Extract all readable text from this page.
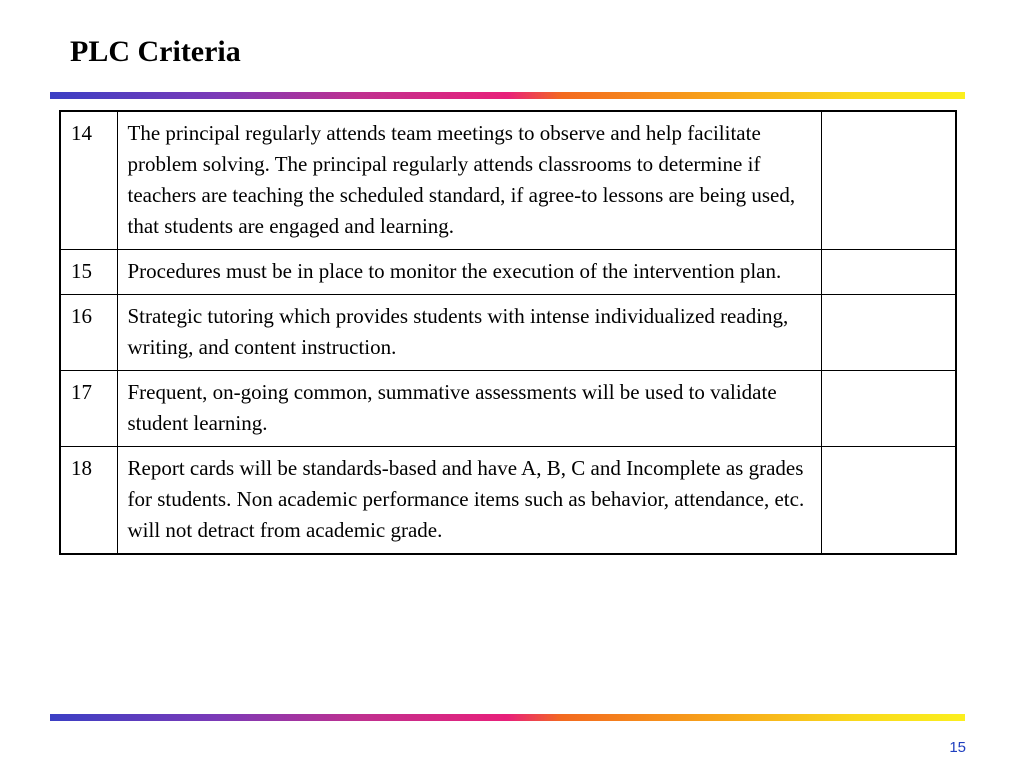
PLC Criteria
14	The principal regularly attends team meetings to observe and help facilitate problem solving. The principal regularly attends classrooms to determine if teachers are teaching the scheduled standard, if agree-to lessons are being used, that students are engaged and learning.	
15	Procedures must be in place to monitor the execution of the intervention plan.	
16	Strategic tutoring which provides students with intense individualized reading, writing, and content instruction.	
17	Frequent, on-going common, summative assessments will be used to validate student learning.	
18	Report cards will be standards-based and have A, B, C and Incomplete as grades for students. Non academic performance items such as behavior, attendance, etc. will not detract from academic grade.	
15
